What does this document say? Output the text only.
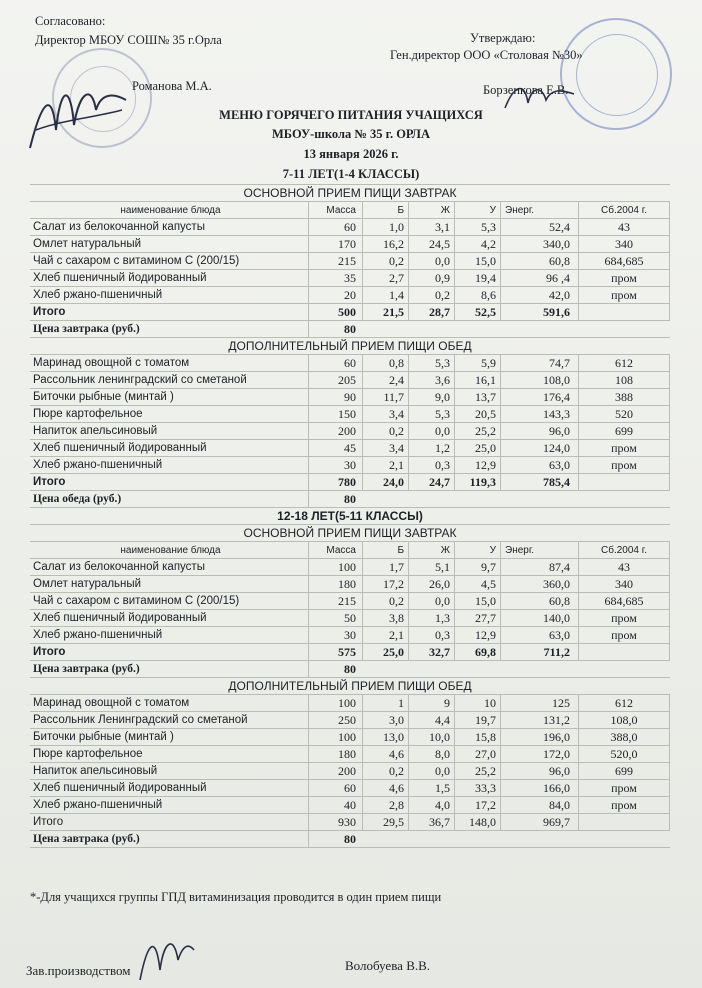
Согласовано:
Директор МБОУ СОШ№ 35 г.Орла
Романова М.А.
Утверждаю:
Ген.директор ООО «Столовая №30»
Борзенкова Е.В.
МЕНЮ ГОРЯЧЕГО ПИТАНИЯ УЧАЩИХСЯ
МБОУ-школа № 35 г. ОРЛА
13 января 2026 г.
7-11 ЛЕТ(1-4 КЛАССЫ)
ОСНОВНОЙ ПРИЕМ ПИЩИ ЗАВТРАК
наименование блюда	Масса	Б	Ж	У Энерг.	Сб.2004 г.
Салат из белокочанной капусты	60	1,0	3,1	5,3	52,4	43
Омлет натуральный	170	16,2	24,5	4,2	340,0	340
Чай с сахаром с витамином С (200/15)	215	0,2	0,0	15,0	60,8	684,685
Хлеб пшеничный йодированный	35	2,7	0,9	19,4	96 ,4	пром
Хлеб ржано-пшеничный	20	1,4	0,2	8,6	42,0	пром
Итого	500	21,5	28,7	52,5	591,6
Цена завтрака (руб.)	80
ДОПОЛНИТЕЛЬНЫЙ ПРИЕМ ПИЩИ ОБЕД
Маринад овощной с томатом	60	0,8	5,3	5,9	74,7	612
Рассольник ленинградский со сметаной	205	2,4	3,6	16,1	108,0	108
Биточки рыбные (минтай )	90	11,7	9,0	13,7	176,4	388
Пюре картофельное	150	3,4	5,3	20,5	143,3	520
Напиток апельсиновый	200	0,2	0,0	25,2	96,0	699
Хлеб пшеничный йодированный	45	3,4	1,2	25,0	124,0	пром
Хлеб ржано-пшеничный	30	2,1	0,3	12,9	63,0	пром
Итого	780	24,0	24,7	119,3	785,4
Цена обеда (руб.)	80
12-18 ЛЕТ(5-11 КЛАССЫ)
ОСНОВНОЙ ПРИЕМ ПИЩИ ЗАВТРАК
наименование блюда	Масса	Б	Ж	У Энерг.	Сб.2004 г.
Салат из белокочанной капусты	100	1,7	5,1	9,7	87,4	43
Омлет натуральный	180	17,2	26,0	4,5	360,0	340
Чай с сахаром с витамином С (200/15)	215	0,2	0,0	15,0	60,8	684,685
Хлеб пшеничный йодированный	50	3,8	1,3	27,7	140,0	пром
Хлеб ржано-пшеничный	30	2,1	0,3	12,9	63,0	пром
Итого	575	25,0	32,7	69,8	711,2
Цена завтрака (руб.)	80
ДОПОЛНИТЕЛЬНЫЙ ПРИЕМ ПИЩИ ОБЕД
Маринад овощной с томатом	100	1	9	10	125	612
Рассольник Ленинградский со сметаной	250	3,0	4,4	19,7	131,2	108,0
Биточки рыбные (минтай )	100	13,0	10,0	15,8	196,0	388,0
Пюре картофельное	180	4,6	8,0	27,0	172,0	520,0
Напиток апельсиновый	200	0,2	0,0	25,2	96,0	699
Хлеб пшеничный йодированный	60	4,6	1,5	33,3	166,0	пром
Хлеб ржано-пшеничный	40	2,8	4,0	17,2	84,0	пром
Итого	930	29,5	36,7	148,0	969,7
Цена завтрака (руб.)	80
*-Для учащихся группы ГПД витаминизация проводится в один прием пищи
Зав.производством	Волобуева В.В.
